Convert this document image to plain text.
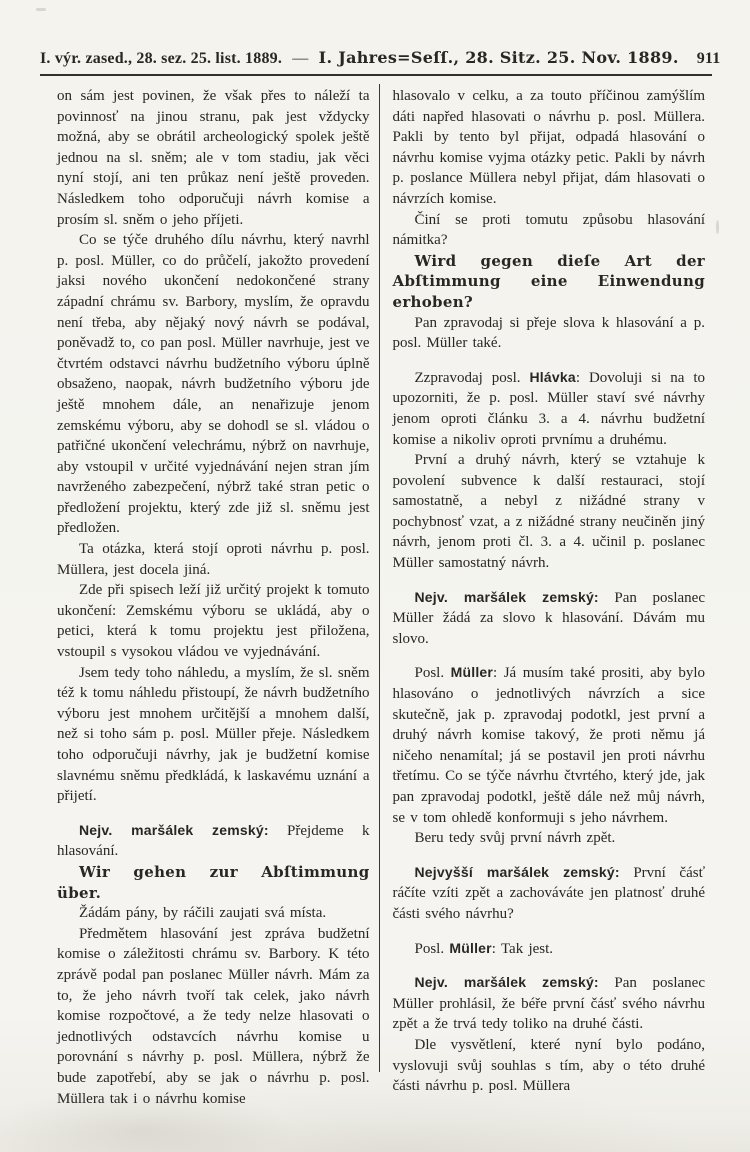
I. výr. zased., 28. sez. 25. list. 1889. — I. Jahres=Seſſ., 28. Sitz. 25. Nov. 1889. 911

on sám jest povinen, že však přes to náleží ta povinnosť na jinou stranu, pak jest vždycky možná, aby se obrátil archeologický spolek ještě jednou na sl. sněm; ale v tom stadiu, jak věci nyní stojí, ani ten průkaz není ještě proveden. Následkem toho odporučuji návrh komise a prosím sl. sněm o jeho příjeti.

Co se týče druhého dílu návrhu, který navrhl p. posl. Müller, co do průčelí, jakožto provedení jaksi nového ukončení nedokončené strany západní chrámu sv. Barbory, myslím, že opravdu není třeba, aby nějaký nový návrh se podával, poněvadž to, co pan posl. Müller navrhuje, jest ve čtvrtém odstavci návrhu budžetního výboru úplně obsaženo, naopak, návrh budžetního výboru jde ještě mnohem dále, an nenařizuje jenom zemskému výboru, aby se dohodl se sl. vládou o patřičné ukončení velechrámu, nýbrž on navrhuje, aby vstoupil v určité vyjednávání nejen stran jím navrženého zabezpečení, nýbrž také stran petic o předložení projektu, který zde již sl. sněmu jest předložen.

Ta otázka, která stojí oproti návrhu p. posl. Müllera, jest docela jiná.

Zde při spisech leží již určitý projekt k tomuto ukončení: Zemskému výboru se ukládá, aby o petici, která k tomu projektu jest přiložena, vstoupil s vysokou vládou ve vyjednávání.

Jsem tedy toho náhledu, a myslím, že sl. sněm též k tomu náhledu přistoupí, že návrh budžetního výboru jest mnohem určitější a mnohem další, než si toho sám p. posl. Müller přeje. Následkem toho odporučuji návrhy, jak je budžetní komise slavnému sněmu předkládá, k laskavému uznání a přijetí.

Nejv. maršálek zemský: Přejdeme k hlasování.

Wir gehen zur Abſtimmung über.

Žádám pány, by ráčili zaujati svá místa.

Předmětem hlasování jest zpráva budžetní komise o záležitosti chrámu sv. Barbory. K této zprávě podal pan poslanec Müller návrh. Mám za to, že jeho návrh tvoří tak celek, jako návrh komise rozpočtové, a že tedy nelze hlasovati o jednotlivých odstavcích návrhu komise u porovnání s návrhy p. posl. Müllera, nýbrž že bude zapotřebí, aby se jak o návrhu p. posl. Müllera tak i o návrhu komise

hlasovalo v celku, a za touto příčinou zamýšlím dáti napřed hlasovati o návrhu p. posl. Müllera. Pakli by tento byl přijat, odpadá hlasování o návrhu komise vyjma otázky petic. Pakli by návrh p. poslance Müllera nebyl přijat, dám hlasovati o návrzích komise.

Činí se proti tomutu způsobu hlasování námitka?

Wird gegen dieſe Art der Abſtimmung eine Einwendung erhoben?

Pan zpravodaj si přeje slova k hlasování a p. posl. Müller také.

Zzpravodaj posl. Hlávka: Dovoluji si na to upozorniti, že p. posl. Müller staví své návrhy jenom oproti článku 3. a 4. návrhu budžetní komise a nikoliv oproti prvnímu a druhému.

První a druhý návrh, který se vztahuje k povolení subvence k další restauraci, stojí samostatně, a nebyl z nižádné strany v pochybnosť vzat, a z nižádné strany neučiněn jiný návrh, jenom proti čl. 3. a 4. učinil p. poslanec Müller samostatný návrh.

Nejv. maršálek zemský: Pan poslanec Müller žádá za slovo k hlasování. Dávám mu slovo.

Posl. Müller: Já musím také prositi, aby bylo hlasováno o jednotlivých návrzích a sice skutečně, jak p. zpravodaj podotkl, jest první a druhý návrh komise takový, že proti němu já ničeho nenamítal; já se postavil jen proti návrhu třetímu. Co se týče návrhu čtvrtého, který jde, jak pan zpravodaj podotkl, ještě dále než můj návrh, se v tom ohledě konformuji s jeho návrhem.

Beru tedy svůj první návrh zpět.

Nejvyšší maršálek zemský: První čásť ráčíte vzíti zpět a zachováváte jen platnosť druhé části svého návrhu?

Posl. Müller: Tak jest.

Nejv. maršálek zemský: Pan poslanec Müller prohlásil, že béře první čásť svého návrhu zpět a že trvá tedy toliko na druhé části.

Dle vysvětlení, které nyní bylo podáno, vyslovuji svůj souhlas s tím, aby o této druhé části návrhu p. posl. Müllera
